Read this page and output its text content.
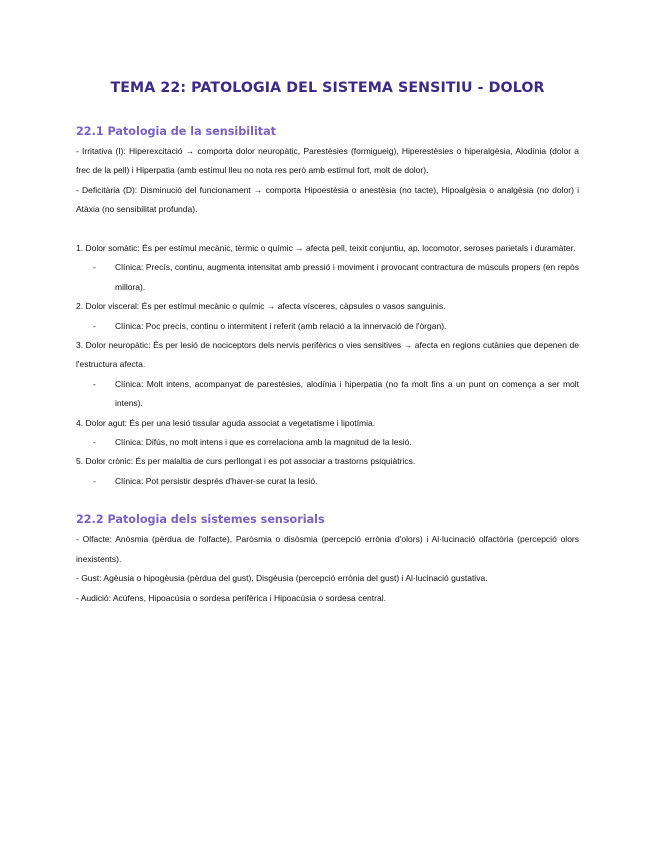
TEMA 22: PATOLOGIA DEL SISTEMA SENSITIU - DOLOR
22.1 Patologia de la sensibilitat

- Irritativa (I): Hiperexcitació → comporta dolor neuropàtic, Parestèsies (formigueig), Hiperestèsies o hiperalgèsia, Alodínia (dolor a frec de la pell) i Hiperpatia (amb estímul lleu no nota res però amb estímul fort, molt de dolor).

- Deficitària (D): Disminució del funcionament → comporta Hipoestèsia o anestèsia (no tacte), Hipoalgèsia o analgèsia (no dolor) i Atàxia (no sensibilitat profunda).

1. Dolor somàtic: És per estímul mecànic, tèrmic o químic → afecta pell, teixit conjuntiu, ap. locomotor, seroses parietals i duramàter.

- Clínica: Precís, continu, augmenta intensitat amb pressió i moviment i provocant contractura de músculs propers (en repòs millora).

2. Dolor visceral: És per estímul mecànic o químic → afecta vísceres, càpsules o vasos sanguinis.

- Clínica: Poc precís, continu o intermitent i referit (amb relació a la innervació de l'òrgan).

3. Dolor neuropàtic: És per lesió de nociceptors dels nervis perifèrics o vies sensitives → afecta en regions cutànies que depenen de l'estructura afecta.

- Clínica: Molt intens, acompanyat de parestèsies, alodínia i hiperpatia (no fa molt fins a un punt on comença a ser molt intens).

4. Dolor agut: És per una lesió tissular aguda associat a vegetatisme i lipotímia.

- Clínica: Difús, no molt intens i que es correlaciona amb la magnitud de la lesió.

5. Dolor crònic: És per malaltia de curs perllongat i es pot associar a trastorns psiquiàtrics.

- Clínica: Pot persistir després d'haver-se curat la lesió.

22.2 Patologia dels sistemes sensorials

- Olfacte: Anòsmia (pèrdua de l'olfacte), Paròsmia o disòsmia (percepció errònia d'olors) i Al·lucinació olfactòria (percepció olors inexistents).

- Gust: Agèusia o hipogèusia (pèrdua del gust), Disgèusia (percepció errònia del gust) i Al·lucinació gustativa.

- Audició: Acúfens, Hipoacúsia o sordesa perifèrica i Hipoacúsia o sordesa central.
